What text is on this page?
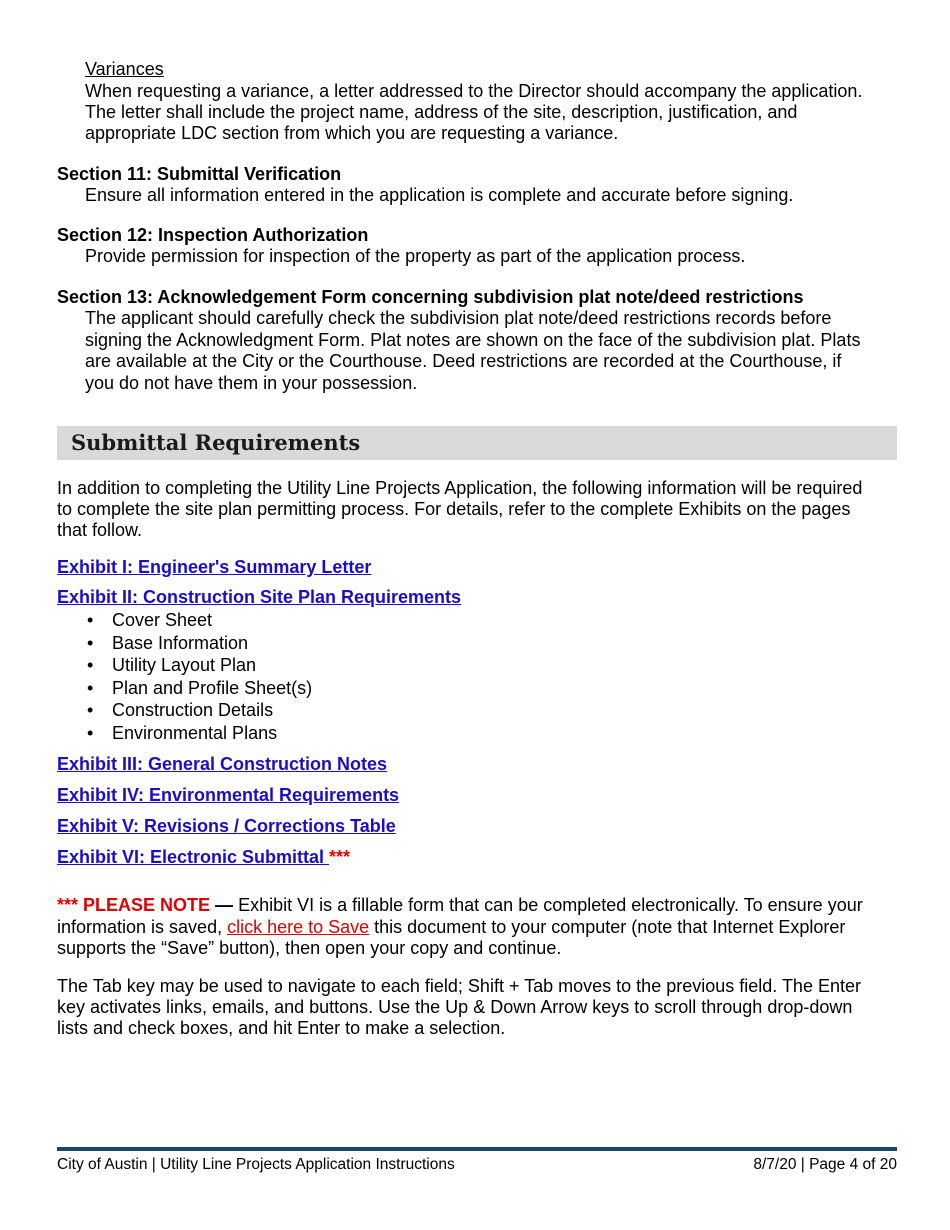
Variances
When requesting a variance, a letter addressed to the Director should accompany the application.
The letter shall include the project name, address of the site, description, justification, and
appropriate LDC section from which you are requesting a variance.
Section 11: Submittal Verification
Ensure all information entered in the application is complete and accurate before signing.
Section 12: Inspection Authorization
Provide permission for inspection of the property as part of the application process.
Section 13: Acknowledgement Form concerning subdivision plat note/deed restrictions
The applicant should carefully check the subdivision plat note/deed restrictions records before
signing the Acknowledgment Form. Plat notes are shown on the face of the subdivision plat. Plats
are available at the City or the Courthouse. Deed restrictions are recorded at the Courthouse, if
you do not have them in your possession.
Submittal Requirements
In addition to completing the Utility Line Projects Application, the following information will be required
to complete the site plan permitting process. For details, refer to the complete Exhibits on the pages
that follow.
Exhibit I: Engineer's Summary Letter
Exhibit II: Construction Site Plan Requirements
• Cover Sheet
• Base Information
• Utility Layout Plan
• Plan and Profile Sheet(s)
• Construction Details
• Environmental Plans
Exhibit III: General Construction Notes
Exhibit IV: Environmental Requirements
Exhibit V: Revisions / Corrections Table
Exhibit VI: Electronic Submittal ***
*** PLEASE NOTE — Exhibit VI is a fillable form that can be completed electronically. To ensure your
information is saved, click here to Save this document to your computer (note that Internet Explorer
supports the “Save” button), then open your copy and continue.
The Tab key may be used to navigate to each field; Shift + Tab moves to the previous field. The Enter
key activates links, emails, and buttons. Use the Up & Down Arrow keys to scroll through drop-down
lists and check boxes, and hit Enter to make a selection.
City of Austin | Utility Line Projects Application Instructions	8/7/20 | Page 4 of 20
